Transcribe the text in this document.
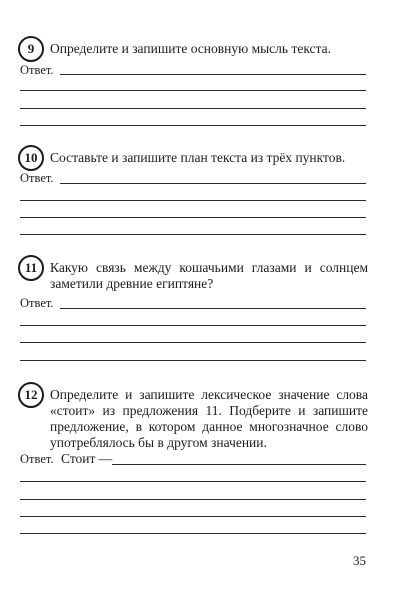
9	Определите и запишите основную мысль текста.
Ответ.
10 Составьте и запишите план текста из трёх пунктов.
Ответ.
11 Какую связь между кошачьими глазами и солнцем заметили древние египтяне?
Ответ.
12 Определите и запишите лексическое значение слова «стоит» из предложения 11. Подберите и запишите предложение, в котором данное многозначное слово употреблялось бы в другом значении.
Ответ. Стоит —
35
